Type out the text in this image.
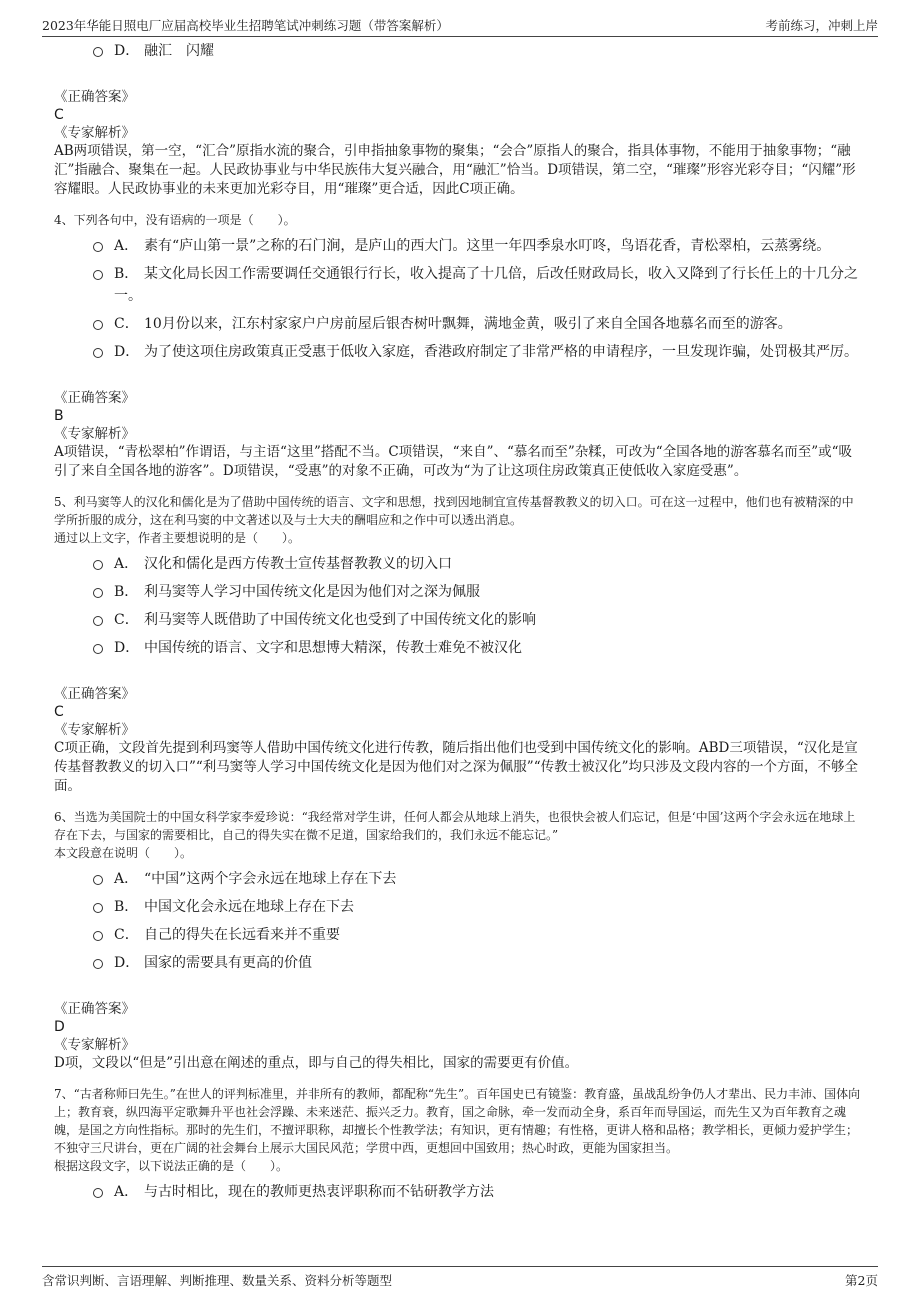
2023年华能日照电厂应届高校毕业生招聘笔试冲刺练习题（带答案解析）	考前练习，冲刺上岸
D． 融汇　闪耀
《正确答案》
C
《专家解析》
AB两项错误，第一空，“汇合”原指水流的聚合，引申指抽象事物的聚集；“会合”原指人的聚合，指具体事物，不能用于抽象事物；“融汇”指融合、聚集在一起。人民政协事业与中华民族伟大复兴融合，用“融汇”恰当。D项错误，第二空，“璀璨”形容光彩夺目；“闪耀”形容耀眼。人民政协事业的未来更加光彩夺目，用“璀璨”更合适，因此C项正确。
4、下列各句中，没有语病的一项是（　　）。
A． 素有“庐山第一景”之称的石门涧，是庐山的西大门。这里一年四季泉水叮咚，鸟语花香，青松翠柏，云蒸雾绕。
B． 某文化局长因工作需要调任交通银行行长，收入提高了十几倍，后改任财政局长，收入又降到了行长任上的十几分之一。
C． 10月份以来，江东村家家户户房前屋后银杏树叶飘舞，满地金黄，吸引了来自全国各地慕名而至的游客。
D． 为了使这项住房政策真正受惠于低收入家庭，香港政府制定了非常严格的申请程序，一旦发现诈骗，处罚极其严厉。
《正确答案》
B
《专家解析》
A项错误，“青松翠柏”作谓语，与主语“这里”搭配不当。C项错误，“来自”、“慕名而至”杂糅，可改为“全国各地的游客慕名而至”或“吸引了来自全国各地的游客”。D项错误，“受惠”的对象不正确，可改为“为了让这项住房政策真正使低收入家庭受惠”。
5、利马窦等人的汉化和儒化是为了借助中国传统的语言、文字和思想，找到因地制宜宣传基督教教义的切入口。可在这一过程中，他们也有被精深的中学所折服的成分，这在利马窦的中文著述以及与士大夫的酬唱应和之作中可以透出消息。
通过以上文字，作者主要想说明的是（　　）。
A． 汉化和儒化是西方传教士宣传基督教教义的切入口
B． 利马窦等人学习中国传统文化是因为他们对之深为佩服
C． 利马窦等人既借助了中国传统文化也受到了中国传统文化的影响
D． 中国传统的语言、文字和思想博大精深，传教士难免不被汉化
《正确答案》
C
《专家解析》
C项正确，文段首先提到利玛窦等人借助中国传统文化进行传教，随后指出他们也受到中国传统文化的影响。ABD三项错误，“汉化是宣传基督教教义的切入口”“利马窦等人学习中国传统文化是因为他们对之深为佩服”“传教士被汉化”均只涉及文段内容的一个方面，不够全面。
6、当选为美国院士的中国女科学家李爱珍说：“我经常对学生讲，任何人都会从地球上消失，也很快会被人们忘记，但是‘中国’这两个字会永远在地球上存在下去，与国家的需要相比，自己的得失实在微不足道，国家给我们的，我们永远不能忘记。”
本文段意在说明（　　）。
A． “中国”这两个字会永远在地球上存在下去
B． 中国文化会永远在地球上存在下去
C． 自己的得失在长远看来并不重要
D． 国家的需要具有更高的价值
《正确答案》
D
《专家解析》
D项，文段以“但是”引出意在阐述的重点，即与自己的得失相比，国家的需要更有价值。
7、“古者称师曰先生。”在世人的评判标准里，并非所有的教师，都配称“先生”。百年国史已有镜鉴：教育盛，虽战乱纷争仍人才辈出、民力丰沛、国体向上；教育衰，纵四海平定歌舞升平也社会浮躁、未来迷茫、振兴乏力。教育，国之命脉，牵一发而动全身，系百年而导国运，而先生又为百年教育之魂魄，是国之方向性指标。那时的先生们，不擅评职称，却擅长个性教学法；有知识，更有情趣；有性格，更讲人格和品格；教学相长，更倾力爱护学生；不独守三尺讲台，更在广阔的社会舞台上展示大国民风范；学贯中西，更想回中国致用；热心时政，更能为国家担当。
根据这段文字，以下说法正确的是（　　）。
A． 与古时相比，现在的教师更热衷评职称而不钻研教学方法
含常识判断、言语理解、判断推理、数量关系、资料分析等题型	第2页
